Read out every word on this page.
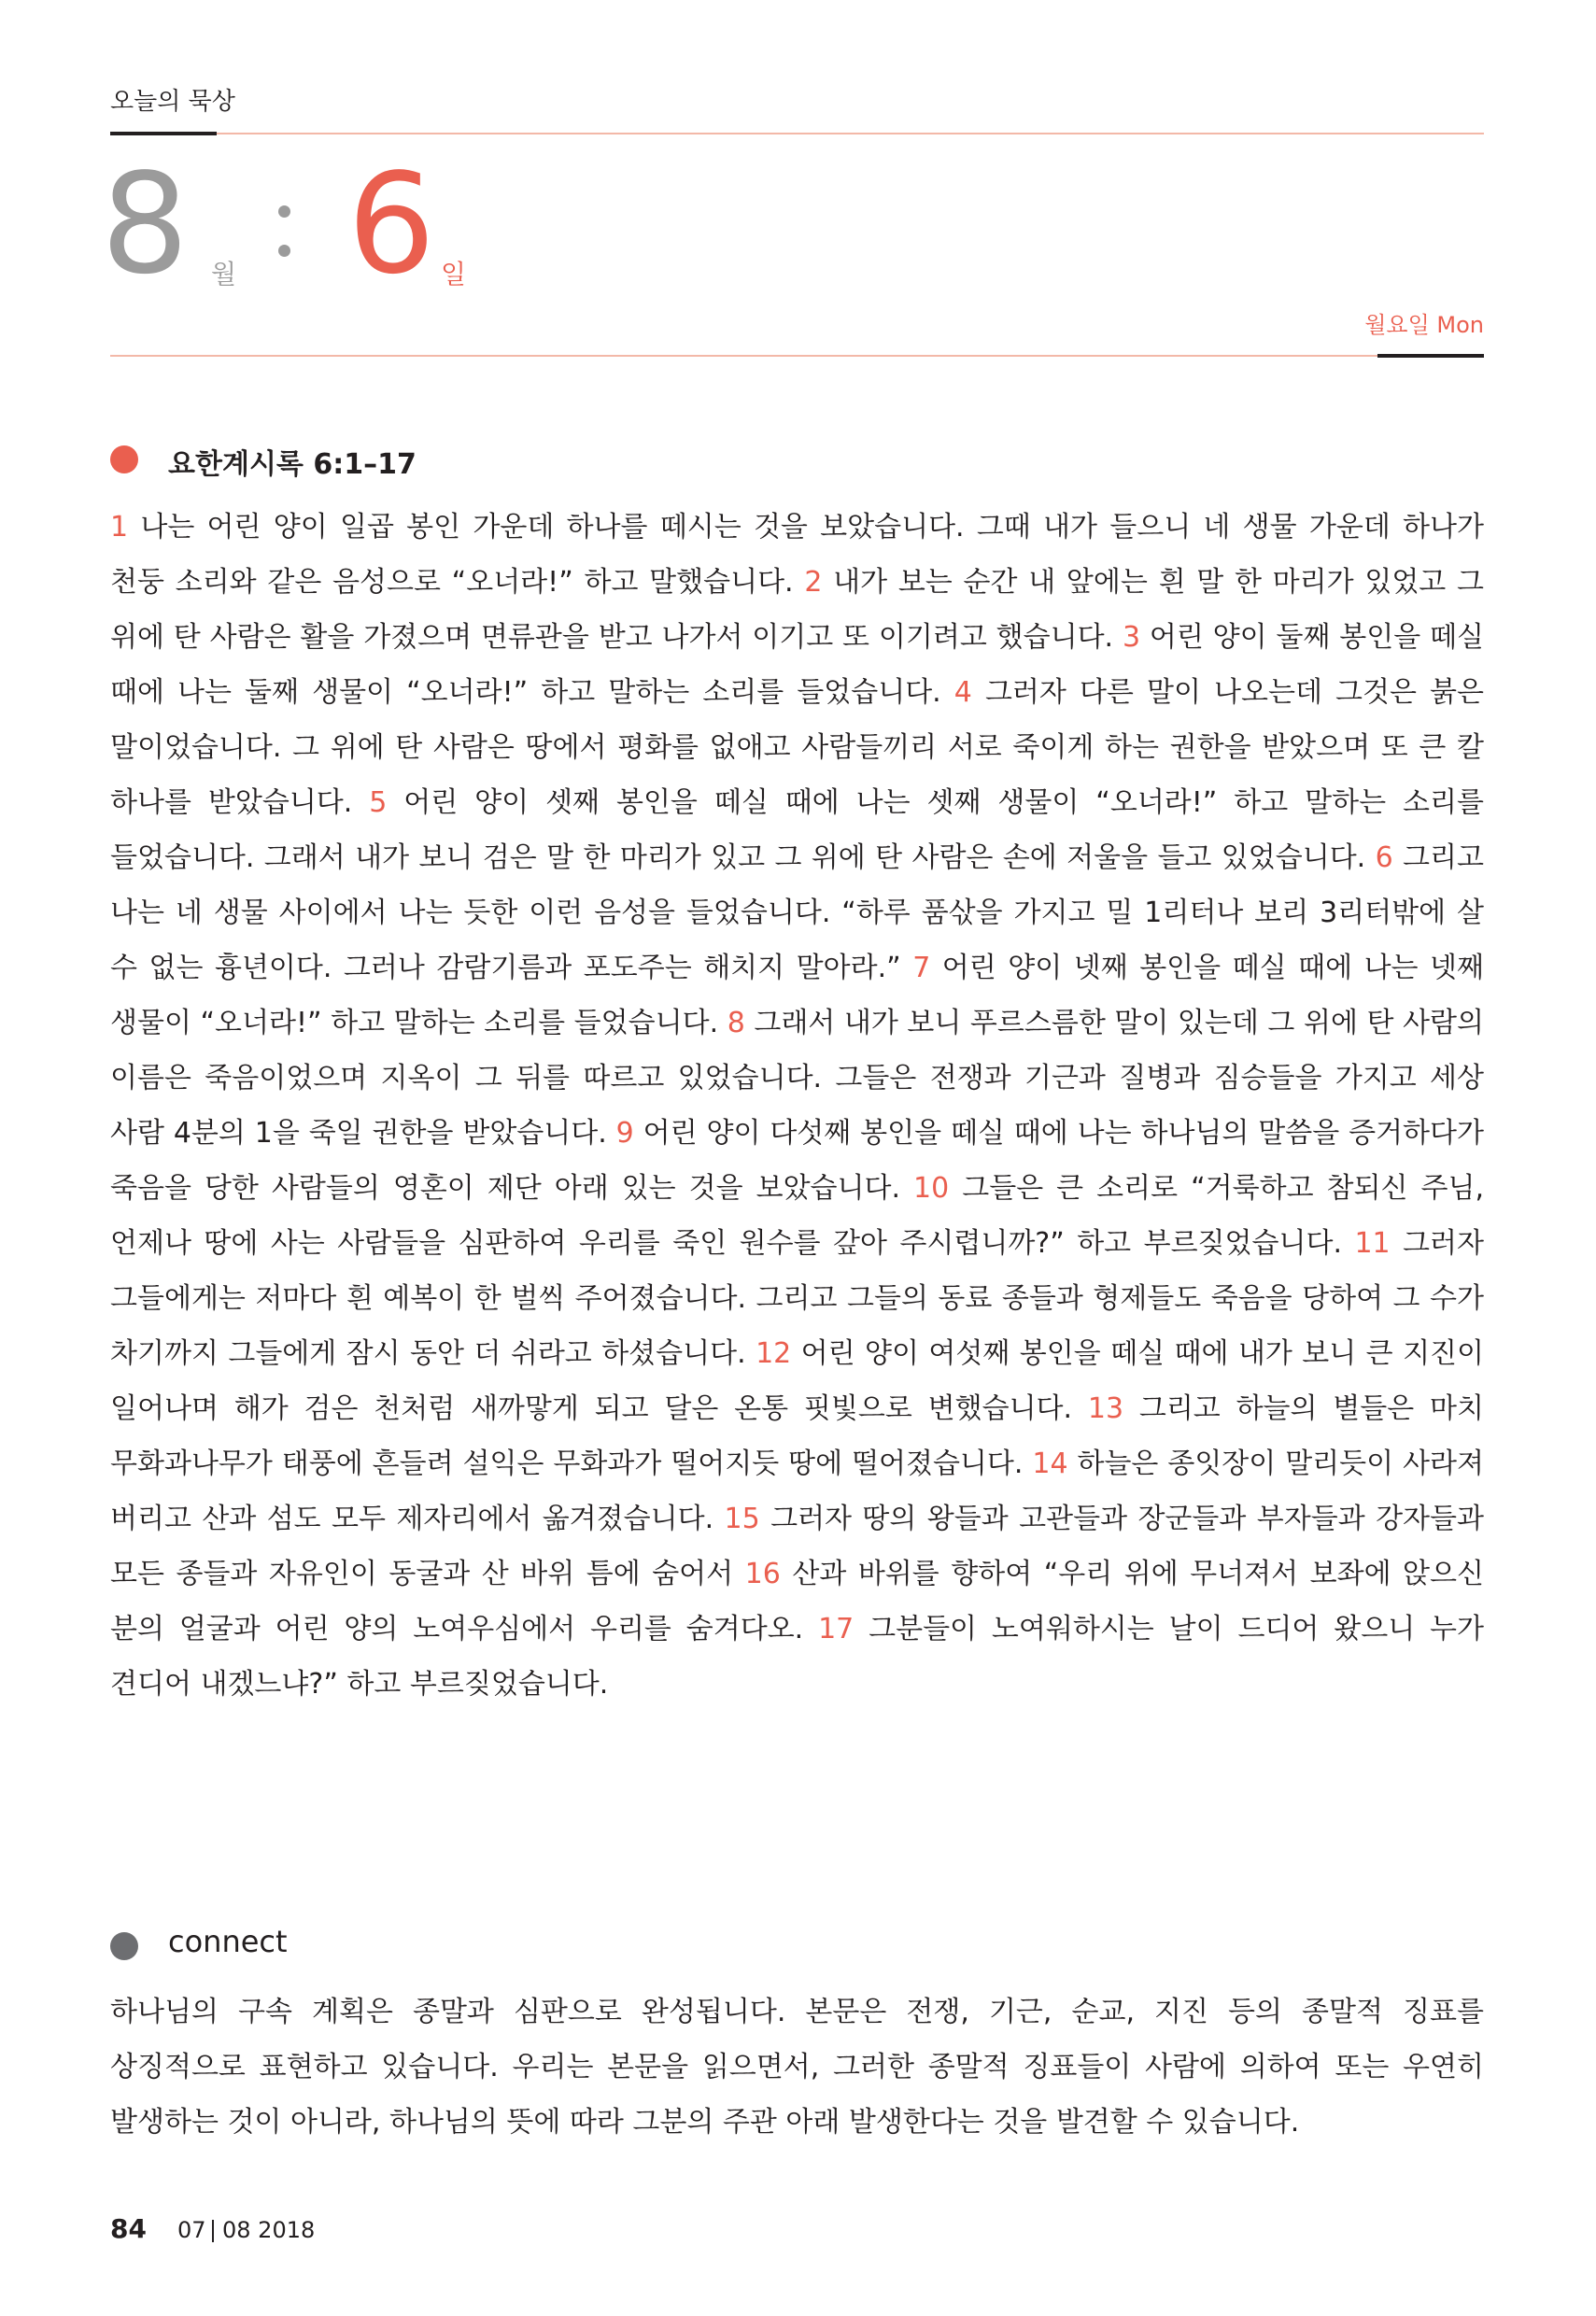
오늘의 묵상
8 월 6 일
월요일 Mon
요한계시록 6:1–17

1 나는 어린 양이 일곱 봉인 가운데 하나를 떼시는 것을 보았습니다. 그때 내가 들으니 네 생물 가운데 하나가 천둥 소리와 같은 음성으로 “오너라!” 하고 말했습니다. 2 내가 보는 순간 내 앞에는 흰 말 한 마리가 있었고 그 위에 탄 사람은 활을 가졌으며 면류관을 받고 나가서 이기고 또 이기려고 했습니다. 3 어린 양이 둘째 봉인을 떼실 때에 나는 둘째 생물이 “오너라!” 하고 말하는 소리를 들었습니다. 4 그러자 다른 말이 나오는데 그것은 붉은 말이었습니다. 그 위에 탄 사람은 땅에서 평화를 없애고 사람들끼리 서로 죽이게 하는 권한을 받았으며 또 큰 칼 하나를 받았습니다. 5 어린 양이 셋째 봉인을 떼실 때에 나는 셋째 생물이 “오너라!” 하고 말하는 소리를 들었습니다. 그래서 내가 보니 검은 말 한 마리가 있고 그 위에 탄 사람은 손에 저울을 들고 있었습니다. 6 그리고 나는 네 생물 사이에서 나는 듯한 이런 음성을 들었습니다. “하루 품삯을 가지고 밀 1리터나 보리 3리터밖에 살 수 없는 흉년이다. 그러나 감람기름과 포도주는 해치지 말아라.” 7 어린 양이 넷째 봉인을 떼실 때에 나는 넷째 생물이 “오너라!” 하고 말하는 소리를 들었습니다. 8 그래서 내가 보니 푸르스름한 말이 있는데 그 위에 탄 사람의 이름은 죽음이었으며 지옥이 그 뒤를 따르고 있었습니다. 그들은 전쟁과 기근과 질병과 짐승들을 가지고 세상 사람 4분의 1을 죽일 권한을 받았습니다. 9 어린 양이 다섯째 봉인을 떼실 때에 나는 하나님의 말씀을 증거하다가 죽음을 당한 사람들의 영혼이 제단 아래 있는 것을 보았습니다. 10 그들은 큰 소리로 “거룩하고 참되신 주님, 언제나 땅에 사는 사람들을 심판하여 우리를 죽인 원수를 갚아 주시렵니까?” 하고 부르짖었습니다. 11 그러자 그들에게는 저마다 흰 예복이 한 벌씩 주어졌습니다. 그리고 그들의 동료 종들과 형제들도 죽음을 당하여 그 수가 차기까지 그들에게 잠시 동안 더 쉬라고 하셨습니다. 12 어린 양이 여섯째 봉인을 떼실 때에 내가 보니 큰 지진이 일어나며 해가 검은 천처럼 새까맣게 되고 달은 온통 핏빛으로 변했습니다. 13 그리고 하늘의 별들은 마치 무화과나무가 태풍에 흔들려 설익은 무화과가 떨어지듯 땅에 떨어졌습니다. 14 하늘은 종잇장이 말리듯이 사라져 버리고 산과 섬도 모두 제자리에서 옮겨졌습니다. 15 그러자 땅의 왕들과 고관들과 장군들과 부자들과 강자들과 모든 종들과 자유인이 동굴과 산 바위 틈에 숨어서 16 산과 바위를 향하여 “우리 위에 무너져서 보좌에 앉으신 분의 얼굴과 어린 양의 노여우심에서 우리를 숨겨다오. 17 그분들이 노여워하시는 날이 드디어 왔으니 누가 견디어 내겠느냐?” 하고 부르짖었습니다.

connect

하나님의 구속 계획은 종말과 심판으로 완성됩니다. 본문은 전쟁, 기근, 순교, 지진 등의 종말적 징표를 상징적으로 표현하고 있습니다. 우리는 본문을 읽으면서, 그러한 종말적 징표들이 사람에 의하여 또는 우연히 발생하는 것이 아니라, 하나님의 뜻에 따라 그분의 주관 아래 발생한다는 것을 발견할 수 있습니다.

84 07 08 2018
